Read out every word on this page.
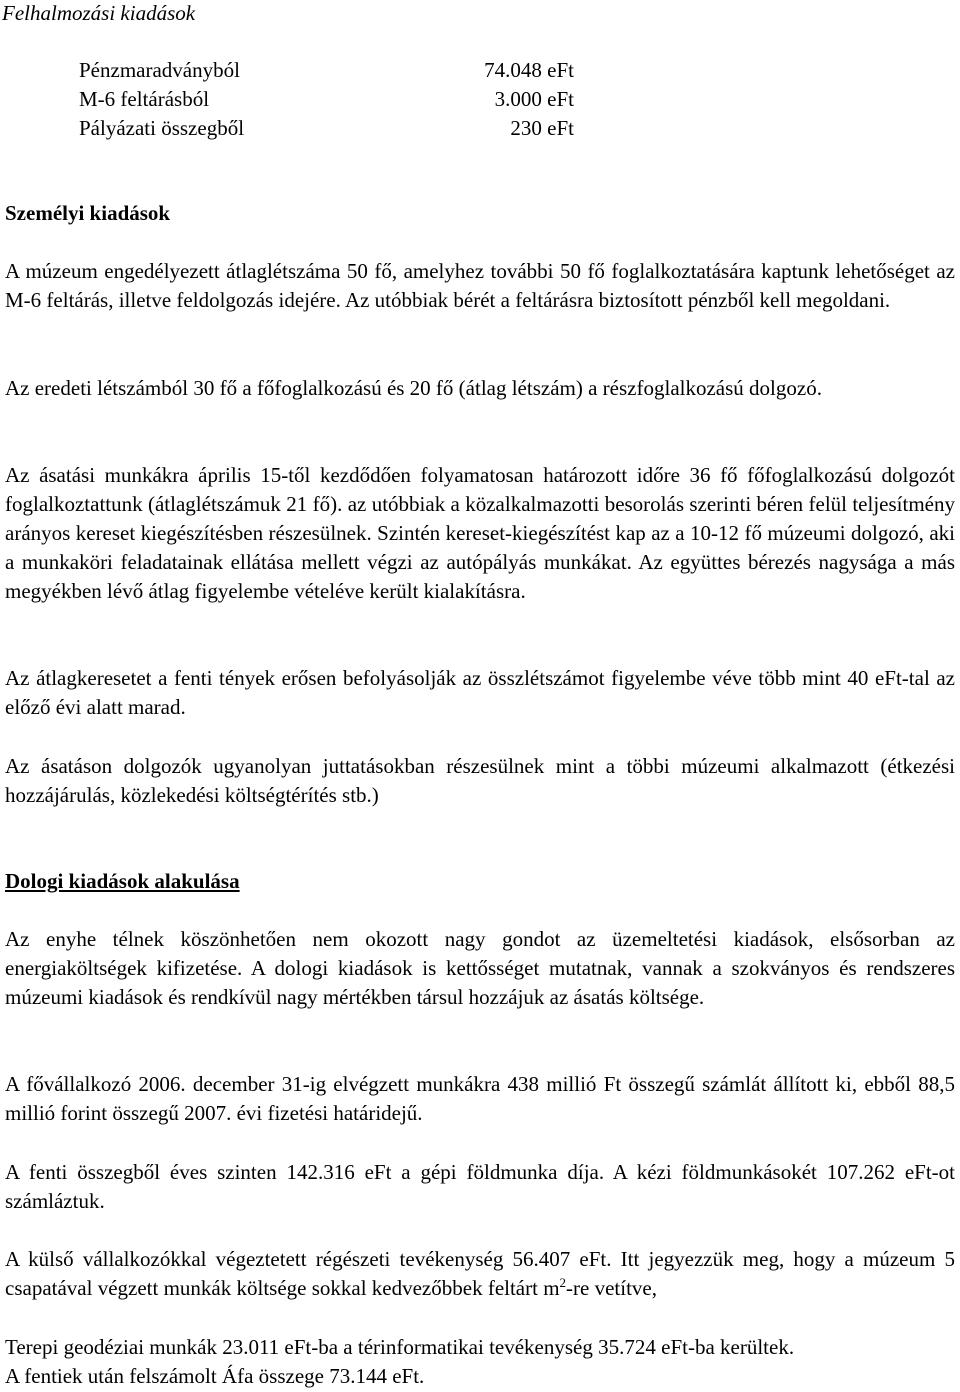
Felhalmozási kiadások
Pénzmaradványból	74.048 eFt
M-6 feltárásból	3.000 eFt
Pályázati összegből	230 eFt
Személyi kiadások
A múzeum engedélyezett átlaglétszáma 50 fő, amelyhez további 50 fő foglalkoztatására kaptunk lehetőséget az M-6 feltárás, illetve feldolgozás idejére. Az utóbbiak bérét a feltárásra biztosított pénzből kell megoldani.
Az eredeti létszámból 30 fő a főfoglalkozású és 20 fő (átlag létszám) a részfoglalkozású dolgozó.
Az ásatási munkákra április 15-től kezdődően folyamatosan határozott időre 36 fő főfoglalkozású dolgozót foglalkoztattunk (átlaglétszámuk 21 fő). az utóbbiak a közalkalmazotti besorolás szerinti béren felül teljesítmény arányos kereset kiegészítésben részesülnek. Szintén kereset-kiegészítést kap az a 10-12 fő múzeumi dolgozó, aki a munkaköri feladatainak ellátása mellett végzi az autópályás munkákat. Az együttes bérezés nagysága a más megyékben lévő átlag figyelembe vételéve került kialakításra.
Az átlagkeresetet a fenti tények erősen befolyásolják az összlétszámot figyelembe véve több mint 40 eFt-tal az előző évi alatt marad.
Az ásatáson dolgozók ugyanolyan juttatásokban részesülnek mint a többi múzeumi alkalmazott (étkezési hozzájárulás, közlekedési költségtérítés stb.)
Dologi kiadások alakulása
Az enyhe télnek köszönhetően nem okozott nagy gondot az üzemeltetési kiadások, elsősorban az energiaköltségek kifizetése. A dologi kiadások is kettősséget mutatnak, vannak a szokványos és rendszeres múzeumi kiadások és rendkívül nagy mértékben társul hozzájuk az ásatás költsége.
A fővállalkozó 2006. december 31-ig elvégzett munkákra 438 millió Ft összegű számlát állított ki, ebből 88,5 millió forint összegű 2007. évi fizetési határidejű.
A fenti összegből éves szinten 142.316 eFt a gépi földmunka díja. A kézi földmunkásokét 107.262 eFt-ot számláztuk.
A külső vállalkozókkal végeztetett régészeti tevékenység 56.407 eFt. Itt jegyezzük meg, hogy a múzeum 5 csapatával végzett munkák költsége sokkal kedvezőbbek feltárt $m^2-re$ vetítve,
Terepi geodéziai munkák 23.011 eFt-ba a térinformatikai tevékenység 35.724 eFt-ba kerültek.
A fentiek után felszámolt Áfa összege 73.144 eFt.
